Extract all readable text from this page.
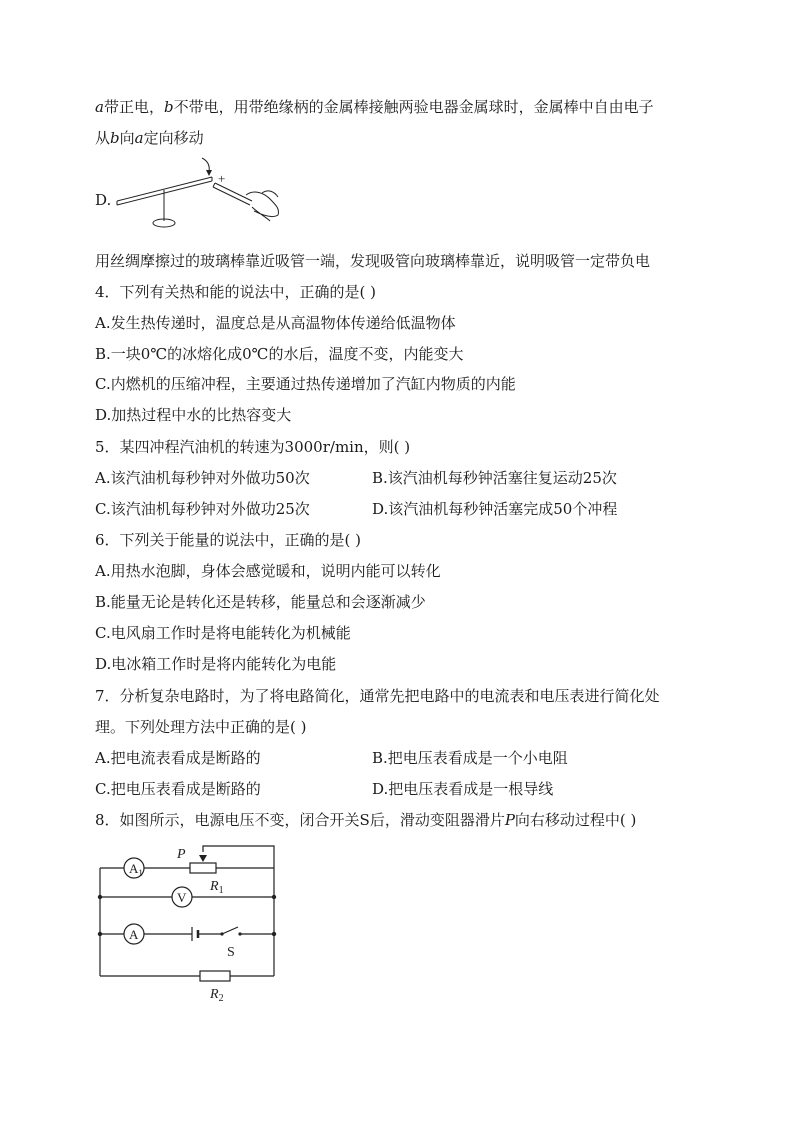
a带正电，b不带电，用带绝缘柄的金属棒接触两验电器金属球时，金属棒中自由电子
从b向a定向移动
D.
+
用丝绸摩擦过的玻璃棒靠近吸管一端，发现吸管向玻璃棒靠近，说明吸管一定带负电
4．下列有关热和能的说法中，正确的是( )
A.发生热传递时，温度总是从高温物体传递给低温物体
B.一块0℃的冰熔化成0℃的水后，温度不变，内能变大
C.内燃机的压缩冲程，主要通过热传递增加了汽缸内物质的内能
D.加热过程中水的比热容变大
5．某四冲程汽油机的转速为3000r/min，则( )
A.该汽油机每秒钟对外做功50次	B.该汽油机每秒钟活塞往复运动25次
C.该汽油机每秒钟对外做功25次	D.该汽油机每秒钟活塞完成50个冲程
6．下列关于能量的说法中，正确的是( )
A.用热水泡脚，身体会感觉暖和，说明内能可以转化
B.能量无论是转化还是转移，能量总和会逐渐减少
C.电风扇工作时是将电能转化为机械能
D.电冰箱工作时是将内能转化为电能
7．分析复杂电路时，为了将电路简化，通常先把电路中的电流表和电压表进行简化处
理。下列处理方法中正确的是( )
A.把电流表看成是断路的	B.把电压表看成是一个小电阻
C.把电压表看成是断路的	D.把电压表看成是一根导线
8．如图所示，电源电压不变，闭合开关S后，滑动变阻器滑片P向右移动过程中( )
$A_1$
P
$R_1$
V
A
S
$R_2$
